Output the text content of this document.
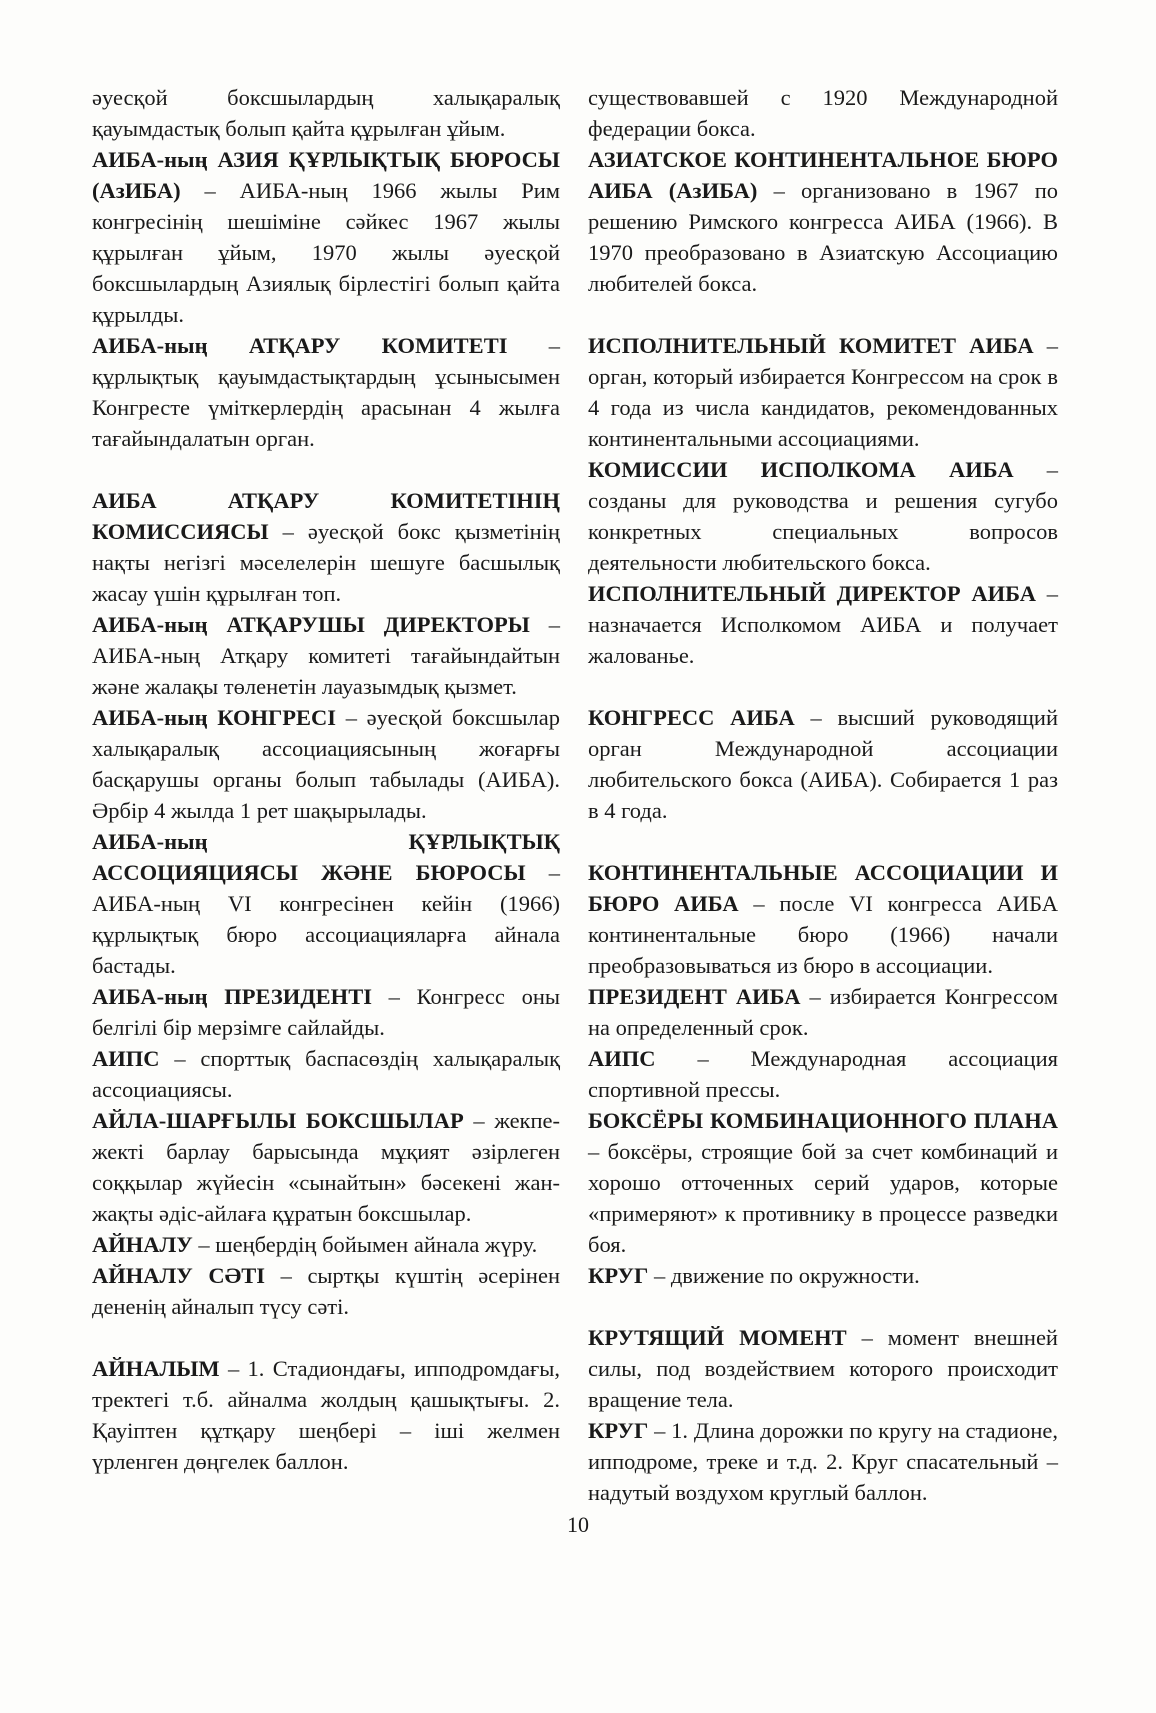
әуесқой боксшылардың халықаралық қауымдастық болып қайта құрылған ұйым.

АИБА-ның АЗИЯ ҚҰРЛЫҚТЫҚ БЮРОСЫ (АзИБА) – АИБА-ның 1966 жылы Рим конгресінің шешіміне сәйкес 1967 жылы құрылған ұйым, 1970 жылы әуесқой боксшылардың Азиялық бірлестігі болып қайта құрылды.

АИБА-ның АТҚАРУ КОМИТЕТІ – құрлықтық қауымдастықтардың ұсынысымен Конгресте үміткерлердің арасынан 4 жылға тағайындалатын орган.

АИБА АТҚАРУ КОМИТЕТІНІҢ КОМИССИЯСЫ – әуесқой бокс қызметінің нақты негізгі мәселелерін шешуге басшылық жасау үшін құрылған топ.

АИБА-ның АТҚАРУШЫ ДИРЕКТОРЫ – АИБА-ның Атқару комитеті тағайындайтын және жалақы төленетін лауазымдық қызмет.

АИБА-ның КОНГРЕСІ – әуесқой боксшылар халықаралық ассоциациясының жоғарғы басқарушы органы болып табылады (АИБА). Әрбір 4 жылда 1 рет шақырылады.

АИБА-ның ҚҰРЛЫҚТЫҚ АССОЦИЯЦИЯСЫ ЖӘНЕ БЮРОСЫ – АИБА-ның VI конгресінен кейін (1966) құрлықтық бюро ассоциацияларға айнала бастады.

АИБА-ның ПРЕЗИДЕНТІ – Конгресс оны белгілі бір мерзімге сайлайды.

АИПС – спорттық баспасөздің халықаралық ассоциациясы.

АЙЛА-ШАРҒЫЛЫ БОКСШЫЛАР – жекпе-жекті барлау барысында мұқият әзірлеген соққылар жүйесін «сынайтын» бәсекені жан-жақты әдіс-айлаға құратын боксшылар.

АЙНАЛУ – шеңбердің бойымен айнала жүру.

АЙНАЛУ СӘТІ – сыртқы күштің әсерінен дененің айналып түсу сәті.

АЙНАЛЫМ – 1. Стадиондағы, ипподромдағы, тректегі т.б. айналма жолдың қашықтығы. 2. Қауіптен құтқару шеңбері – іші желмен үрленген дөңгелек баллон.

существовавшей с 1920 Международной федерации бокса.

АЗИАТСКОЕ КОНТИНЕНТАЛЬНОЕ БЮРО АИБА (АзИБА) – организовано в 1967 по решению Римского конгресса АИБА (1966). В 1970 преобразовано в Азиатскую Ассоциацию любителей бокса.

ИСПОЛНИТЕЛЬНЫЙ КОМИТЕТ АИБА – орган, который избирается Конгрессом на срок в 4 года из числа кандидатов, рекомендованных континентальными ассоциациями.

КОМИССИИ ИСПОЛКОМА АИБА – созданы для руководства и решения сугубо конкретных специальных вопросов деятельности любительского бокса.

ИСПОЛНИТЕЛЬНЫЙ ДИРЕКТОР АИБА – назначается Исполкомом АИБА и получает жалованье.

КОНГРЕСС АИБА – высший руководящий орган Международной ассоциации любительского бокса (АИБА). Собирается 1 раз в 4 года.

КОНТИНЕНТАЛЬНЫЕ АССОЦИАЦИИ И БЮРО АИБА – после VI конгресса АИБА континентальные бюро (1966) начали преобразовываться из бюро в ассоциации.

ПРЕЗИДЕНТ АИБА – избирается Конгрессом на определенный срок.

АИПС – Международная ассоциация спортивной прессы.

БОКСЁРЫ КОМБИНАЦИОННОГО ПЛАНА – боксёры, строящие бой за счет комбинаций и хорошо отточенных серий ударов, которые «примеряют» к противнику в процессе разведки боя.

КРУГ – движение по окружности.

КРУТЯЩИЙ МОМЕНТ – момент внешней силы, под воздействием которого происходит вращение тела.

КРУГ – 1. Длина дорожки по кругу на стадионе, ипподроме, треке и т.д. 2. Круг спасательный – надутый воздухом круглый баллон.

10
